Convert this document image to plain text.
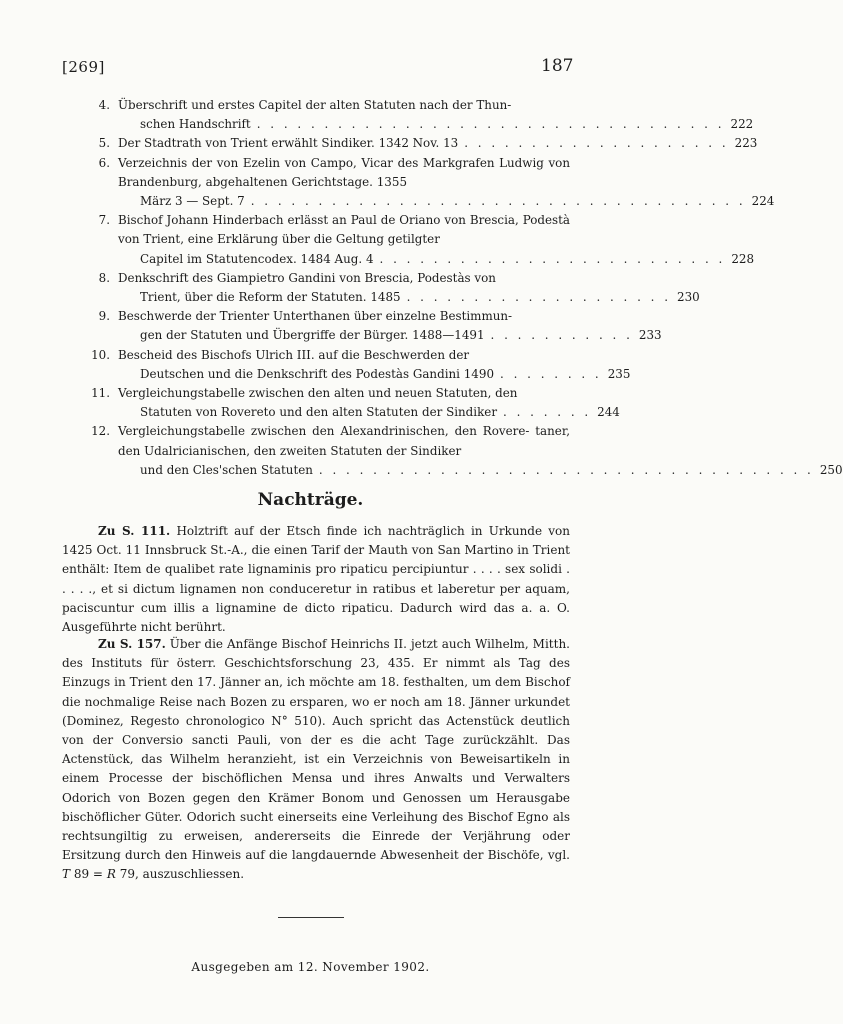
[269]	187
4. Überschrift und erstes Capitel der alten Statuten nach der Thun-
schen Handschrift . . . . . . . . . . . . . . . . . . . . . . . . . . . . . . . . . . . 222
5. Der Stadtrath von Trient erwählt Sindiker. 1342 Nov. 13 . . . . . . . . . . . . . . . . . . . . 223
6. Verzeichnis der von Ezelin von Campo, Vicar des Markgrafen Ludwig von Brandenburg, abgehaltenen Gerichtstage. 1355
März 3 — Sept. 7 . . . . . . . . . . . . . . . . . . . . . . . . . . . . . . . . . . . . . 224
7. Bischof Johann Hinderbach erlässt an Paul de Oriano von Brescia, Podestà von Trient, eine Erklärung über die Geltung getilgter
Capitel im Statutencodex. 1484 Aug. 4 . . . . . . . . . . . . . . . . . . . . . . . . . . 228
8. Denkschrift des Giampietro Gandini von Brescia, Podestàs von
Trient, über die Reform der Statuten. 1485 . . . . . . . . . . . . . . . . . . . . 230
9. Beschwerde der Trienter Unterthanen über einzelne Bestimmun-
gen der Statuten und Übergriffe der Bürger. 1488—1491 . . . . . . . . . . . 233
10. Bescheid des Bischofs Ulrich III. auf die Beschwerden der
Deutschen und die Denkschrift des Podestàs Gandini 1490 . . . . . . . . 235
11. Vergleichungstabelle zwischen den alten und neuen Statuten, den
Statuten von Rovereto und den alten Statuten der Sindiker . . . . . . . 244
12. Vergleichungstabelle zwischen den Alexandrinischen, den Rovere- taner, den Udalricianischen, den zweiten Statuten der Sindiker
und den Cles'schen Statuten . . . . . . . . . . . . . . . . . . . . . . . . . . . . . . . . . . . . . 250
Nachträge.

Zu S. 111. Holztrift auf der Etsch finde ich nachträglich in Urkunde von 1425 Oct. 11 Innsbruck St.-A., die einen Tarif der Mauth von San Martino in Trient enthält: Item de qualibet rate lignaminis pro ripaticu percipiuntur . . . . sex solidi . . . . ., et si dictum lignamen non conduceretur in ratibus et laberetur per aquam, paciscuntur cum illis a lignamine de dicto ripaticu. Dadurch wird das a. a. O. Ausgeführte nicht berührt.

Zu S. 157. Über die Anfänge Bischof Heinrichs II. jetzt auch Wilhelm, Mitth. des Instituts für österr. Geschichtsforschung 23, 435. Er nimmt als Tag des Einzugs in Trient den 17. Jänner an, ich möchte am 18. festhalten, um dem Bischof die nochmalige Reise nach Bozen zu ersparen, wo er noch am 18. Jänner urkundet (Dominez, Regesto chronologico N° 510). Auch spricht das Actenstück deutlich von der Conversio sancti Pauli, von der es die acht Tage zurückzählt. Das Actenstück, das Wilhelm heranzieht, ist ein Verzeichnis von Beweisartikeln in einem Processe der bischöflichen Mensa und ihres Anwalts und Verwalters Odorich von Bozen gegen den Krämer Bonom und Genossen um Herausgabe bischöflicher Güter. Odorich sucht einerseits eine Verleihung des Bischof Egno als rechtsungiltig zu erweisen, andererseits die Einrede der Verjährung oder Ersitzung durch den Hinweis auf die langdauernde Abwesenheit der Bischöfe, vgl. T 89 = R 79, auszuschliessen.

Ausgegeben am 12. November 1902.
